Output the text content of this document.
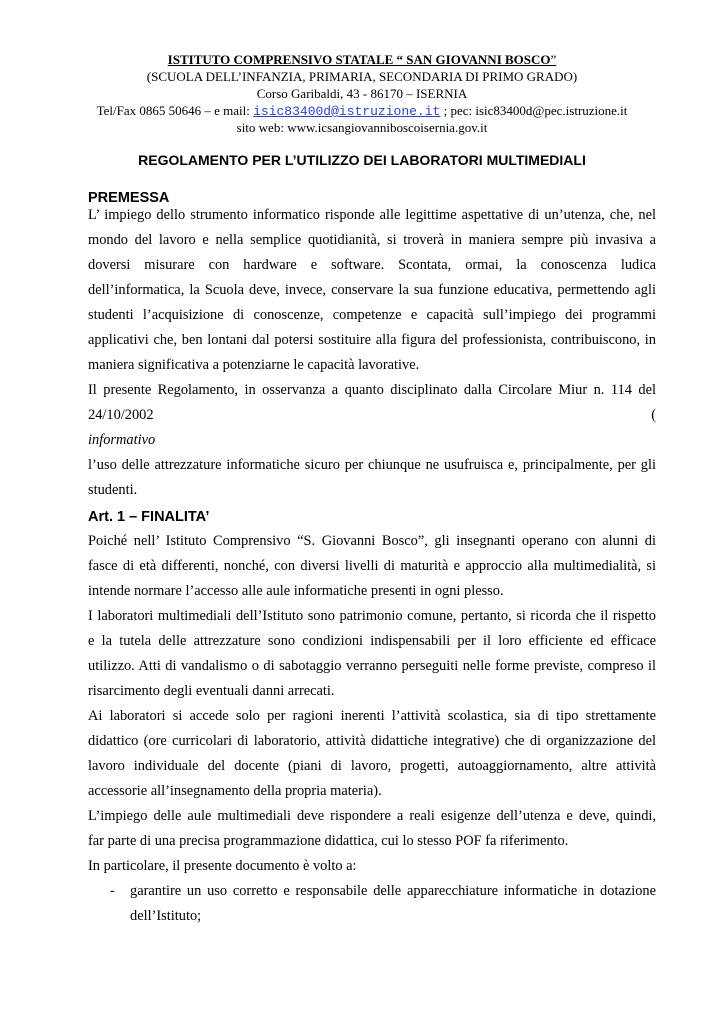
ISTITUTO COMPRENSIVO STATALE “ SAN GIOVANNI BOSCO”
(SCUOLA DELL’INFANZIA, PRIMARIA, SECONDARIA DI PRIMO GRADO)
Corso Garibaldi, 43 - 86170 – ISERNIA
Tel/Fax 0865 50646 – e mail: isic83400d@istruzione.it ; pec: isic83400d@pec.istruzione.it
sito web: www.icsangiovanniboscoisernia.gov.it
REGOLAMENTO PER L’UTILIZZO DEI LABORATORI MULTIMEDIALI
PREMESSA
L’ impiego dello strumento informatico risponde alle legittime aspettative di un’utenza, che, nel
mondo del lavoro e nella semplice quotidianità, si troverà in maniera sempre più invasiva a
doversi misurare con hardware e software. Scontata, ormai, la conoscenza ludica
dell’informatica, la Scuola deve, invece, conservare la sua funzione educativa, permettendo agli
studenti l’acquisizione di conoscenze, competenze e capacità sull’impiego dei programmi
applicativi che, ben lontani dal potersi sostituire alla figura del professionista, contribuiscono, in
maniera significativa a potenziarne le capacità lavorative.
Il presente Regolamento, in osservanza a quanto disciplinato dalla Circolare Miur n. 114 del
24/10/2002 (
informativo
l’uso delle attrezzature informatiche sicuro per chiunque ne usufruisca e, principalmente, per gli
studenti.
Art. 1 – FINALITA’
Poiché nell’ Istituto Comprensivo “S. Giovanni Bosco”, gli insegnanti operano con alunni di
fasce di età differenti, nonché, con diversi livelli di maturità e approccio alla multimedialità, si
intende normare l’accesso alle aule informatiche presenti in ogni plesso.
I laboratori multimediali dell’Istituto sono patrimonio comune, pertanto, si ricorda che il rispetto
e la tutela delle attrezzature sono condizioni indispensabili per il loro efficiente ed efficace
utilizzo. Atti di vandalismo o di sabotaggio verranno perseguiti nelle forme previste, compreso il
risarcimento degli eventuali danni arrecati.
Ai laboratori si accede solo per ragioni inerenti l’attività scolastica, sia di tipo strettamente
didattico (ore curricolari di laboratorio, attività didattiche integrative) che di organizzazione del
lavoro individuale del docente (piani di lavoro, progetti, autoaggiornamento, altre attività
accessorie all’insegnamento della propria materia).
L’impiego delle aule multimediali deve rispondere a reali esigenze dell’utenza e deve, quindi,
far parte di una precisa programmazione didattica, cui lo stesso POF fa riferimento.
In particolare, il presente documento è volto a:
- garantire un uso corretto e responsabile delle apparecchiature informatiche in dotazione
dell’Istituto;
